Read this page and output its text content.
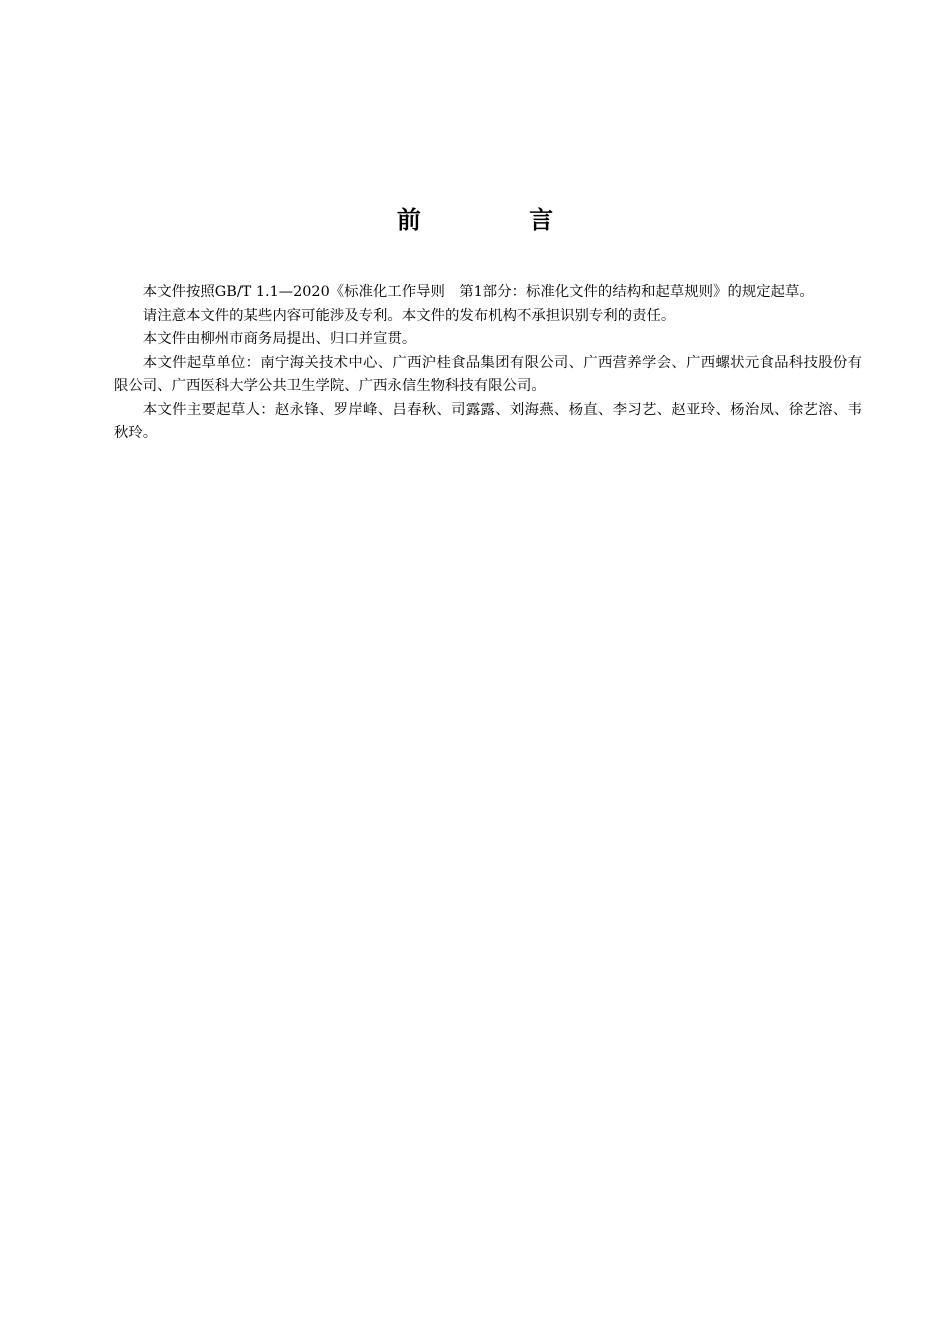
前 言

本文件按照GB/T 1.1—2020《标准化工作导则　第1部分：标准化文件的结构和起草规则》的规定起草。

请注意本文件的某些内容可能涉及专利。本文件的发布机构不承担识别专利的责任。

本文件由柳州市商务局提出、归口并宣贯。

本文件起草单位：南宁海关技术中心、广西沪桂食品集团有限公司、广西营养学会、广西螺状元食品科技股份有限公司、广西医科大学公共卫生学院、广西永信生物科技有限公司。

本文件主要起草人：赵永锋、罗岸峰、吕春秋、司露露、刘海燕、杨直、李习艺、赵亚玲、杨治凤、徐艺溶、韦秋玲。
